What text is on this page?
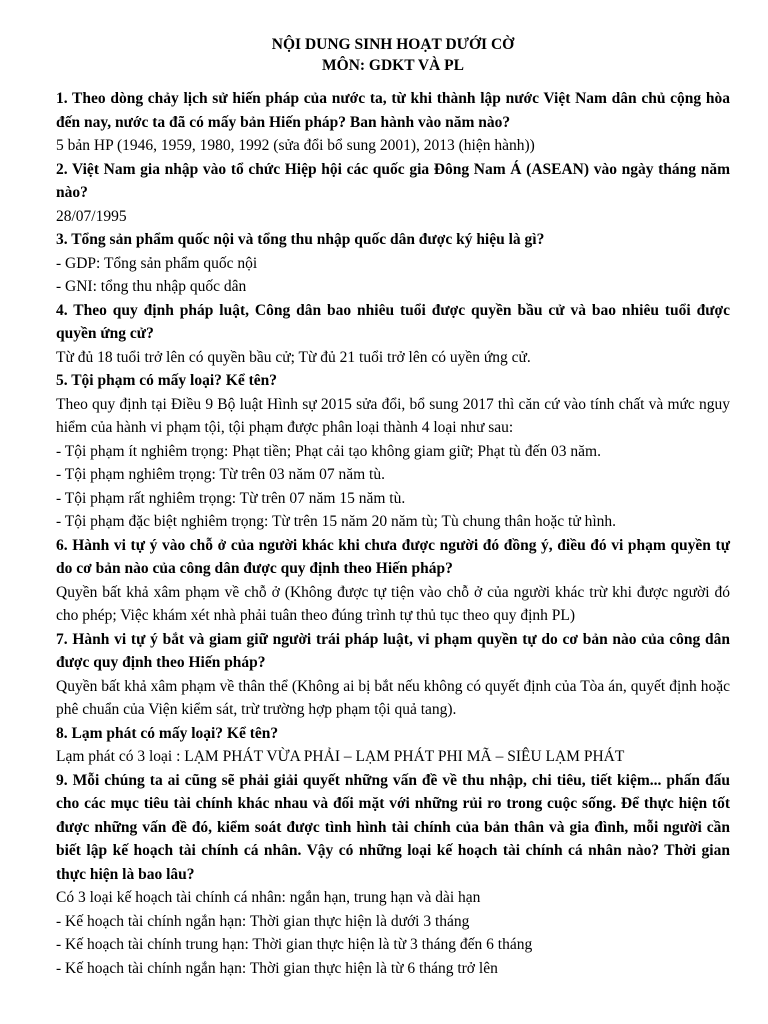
NỘI DUNG SINH HOẠT DƯỚI CỜ
MÔN: GDKT VÀ PL
1. Theo dòng chảy lịch sử hiến pháp của nước ta, từ khi thành lập nước Việt Nam dân chủ cộng hòa đến nay, nước ta đã có mấy bản Hiến pháp? Ban hành vào năm nào?
5 bản HP (1946, 1959, 1980, 1992 (sửa đổi bổ sung 2001), 2013 (hiện hành))
2. Việt Nam gia nhập vào tổ chức Hiệp hội các quốc gia Đông Nam Á (ASEAN) vào ngày tháng năm nào?
28/07/1995
3. Tổng sản phẩm quốc nội và tổng thu nhập quốc dân được ký hiệu là gì?
- GDP: Tổng sản phẩm quốc nội
- GNI: tổng thu nhập quốc dân
4. Theo quy định pháp luật, Công dân bao nhiêu tuổi được quyền bầu cử và bao nhiêu tuổi được quyền ứng cử?
Từ đủ 18 tuổi trở lên có quyền bầu cử; Từ đủ 21 tuổi trở lên có uyền ứng cử.
5. Tội phạm có mấy loại? Kể tên?
Theo quy định tại Điều 9 Bộ luật Hình sự 2015 sửa đổi, bổ sung 2017 thì căn cứ vào tính chất và mức nguy hiểm của hành vi phạm tội, tội phạm được phân loại thành 4 loại như sau:
- Tội phạm ít nghiêm trọng: Phạt tiền; Phạt cải tạo không giam giữ; Phạt tù đến 03 năm.
- Tội phạm nghiêm trọng: Từ trên 03 năm 07 năm tù.
- Tội phạm rất nghiêm trọng: Từ trên 07 năm 15 năm tù.
- Tội phạm đặc biệt nghiêm trọng: Từ trên 15 năm 20 năm tù; Tù chung thân hoặc tử hình.
6. Hành vi tự ý vào chỗ ở của người khác khi chưa được người đó đồng ý, điều đó vi phạm quyền tự do cơ bản nào của công dân được quy định theo Hiến pháp?
Quyền bất khả xâm phạm về chỗ ở (Không được tự tiện vào chỗ ở của người khác trừ khi được người đó cho phép; Việc khám xét nhà phải tuân theo đúng trình tự thủ tục theo quy định PL)
7. Hành vi tự ý bắt và giam giữ người trái pháp luật, vi phạm quyền tự do cơ bản nào của công dân được quy định theo Hiến pháp?
Quyền bất khả xâm phạm về thân thể (Không ai bị bắt nếu không có quyết định của Tòa án, quyết định hoặc phê chuẩn của Viện kiểm sát, trừ trường hợp phạm tội quả tang).
8. Lạm phát có mấy loại? Kể tên?
Lạm phát có 3 loại : LẠM PHÁT VỪA PHẢI – LẠM PHÁT PHI MÃ – SIÊU LẠM PHÁT
9. Mỗi chúng ta ai cũng sẽ phải giải quyết những vấn đề về thu nhập, chi tiêu, tiết kiệm... phấn đấu cho các mục tiêu tài chính khác nhau và đối mặt với những rủi ro trong cuộc sống. Để thực hiện tốt được những vấn đề đó, kiểm soát được tình hình tài chính của bản thân và gia đình, mỗi người cần biết lập kế hoạch tài chính cá nhân. Vậy có những loại kế hoạch tài chính cá nhân nào? Thời gian thực hiện là bao lâu?
Có 3 loại kế hoạch tài chính cá nhân: ngắn hạn, trung hạn và dài hạn
- Kế hoạch tài chính ngắn hạn: Thời gian thực hiện là dưới 3 tháng
- Kế hoạch tài chính trung hạn: Thời gian thực hiện là từ 3 tháng đến 6 tháng
- Kế hoạch tài chính ngắn hạn: Thời gian thực hiện là từ 6 tháng trở lên
